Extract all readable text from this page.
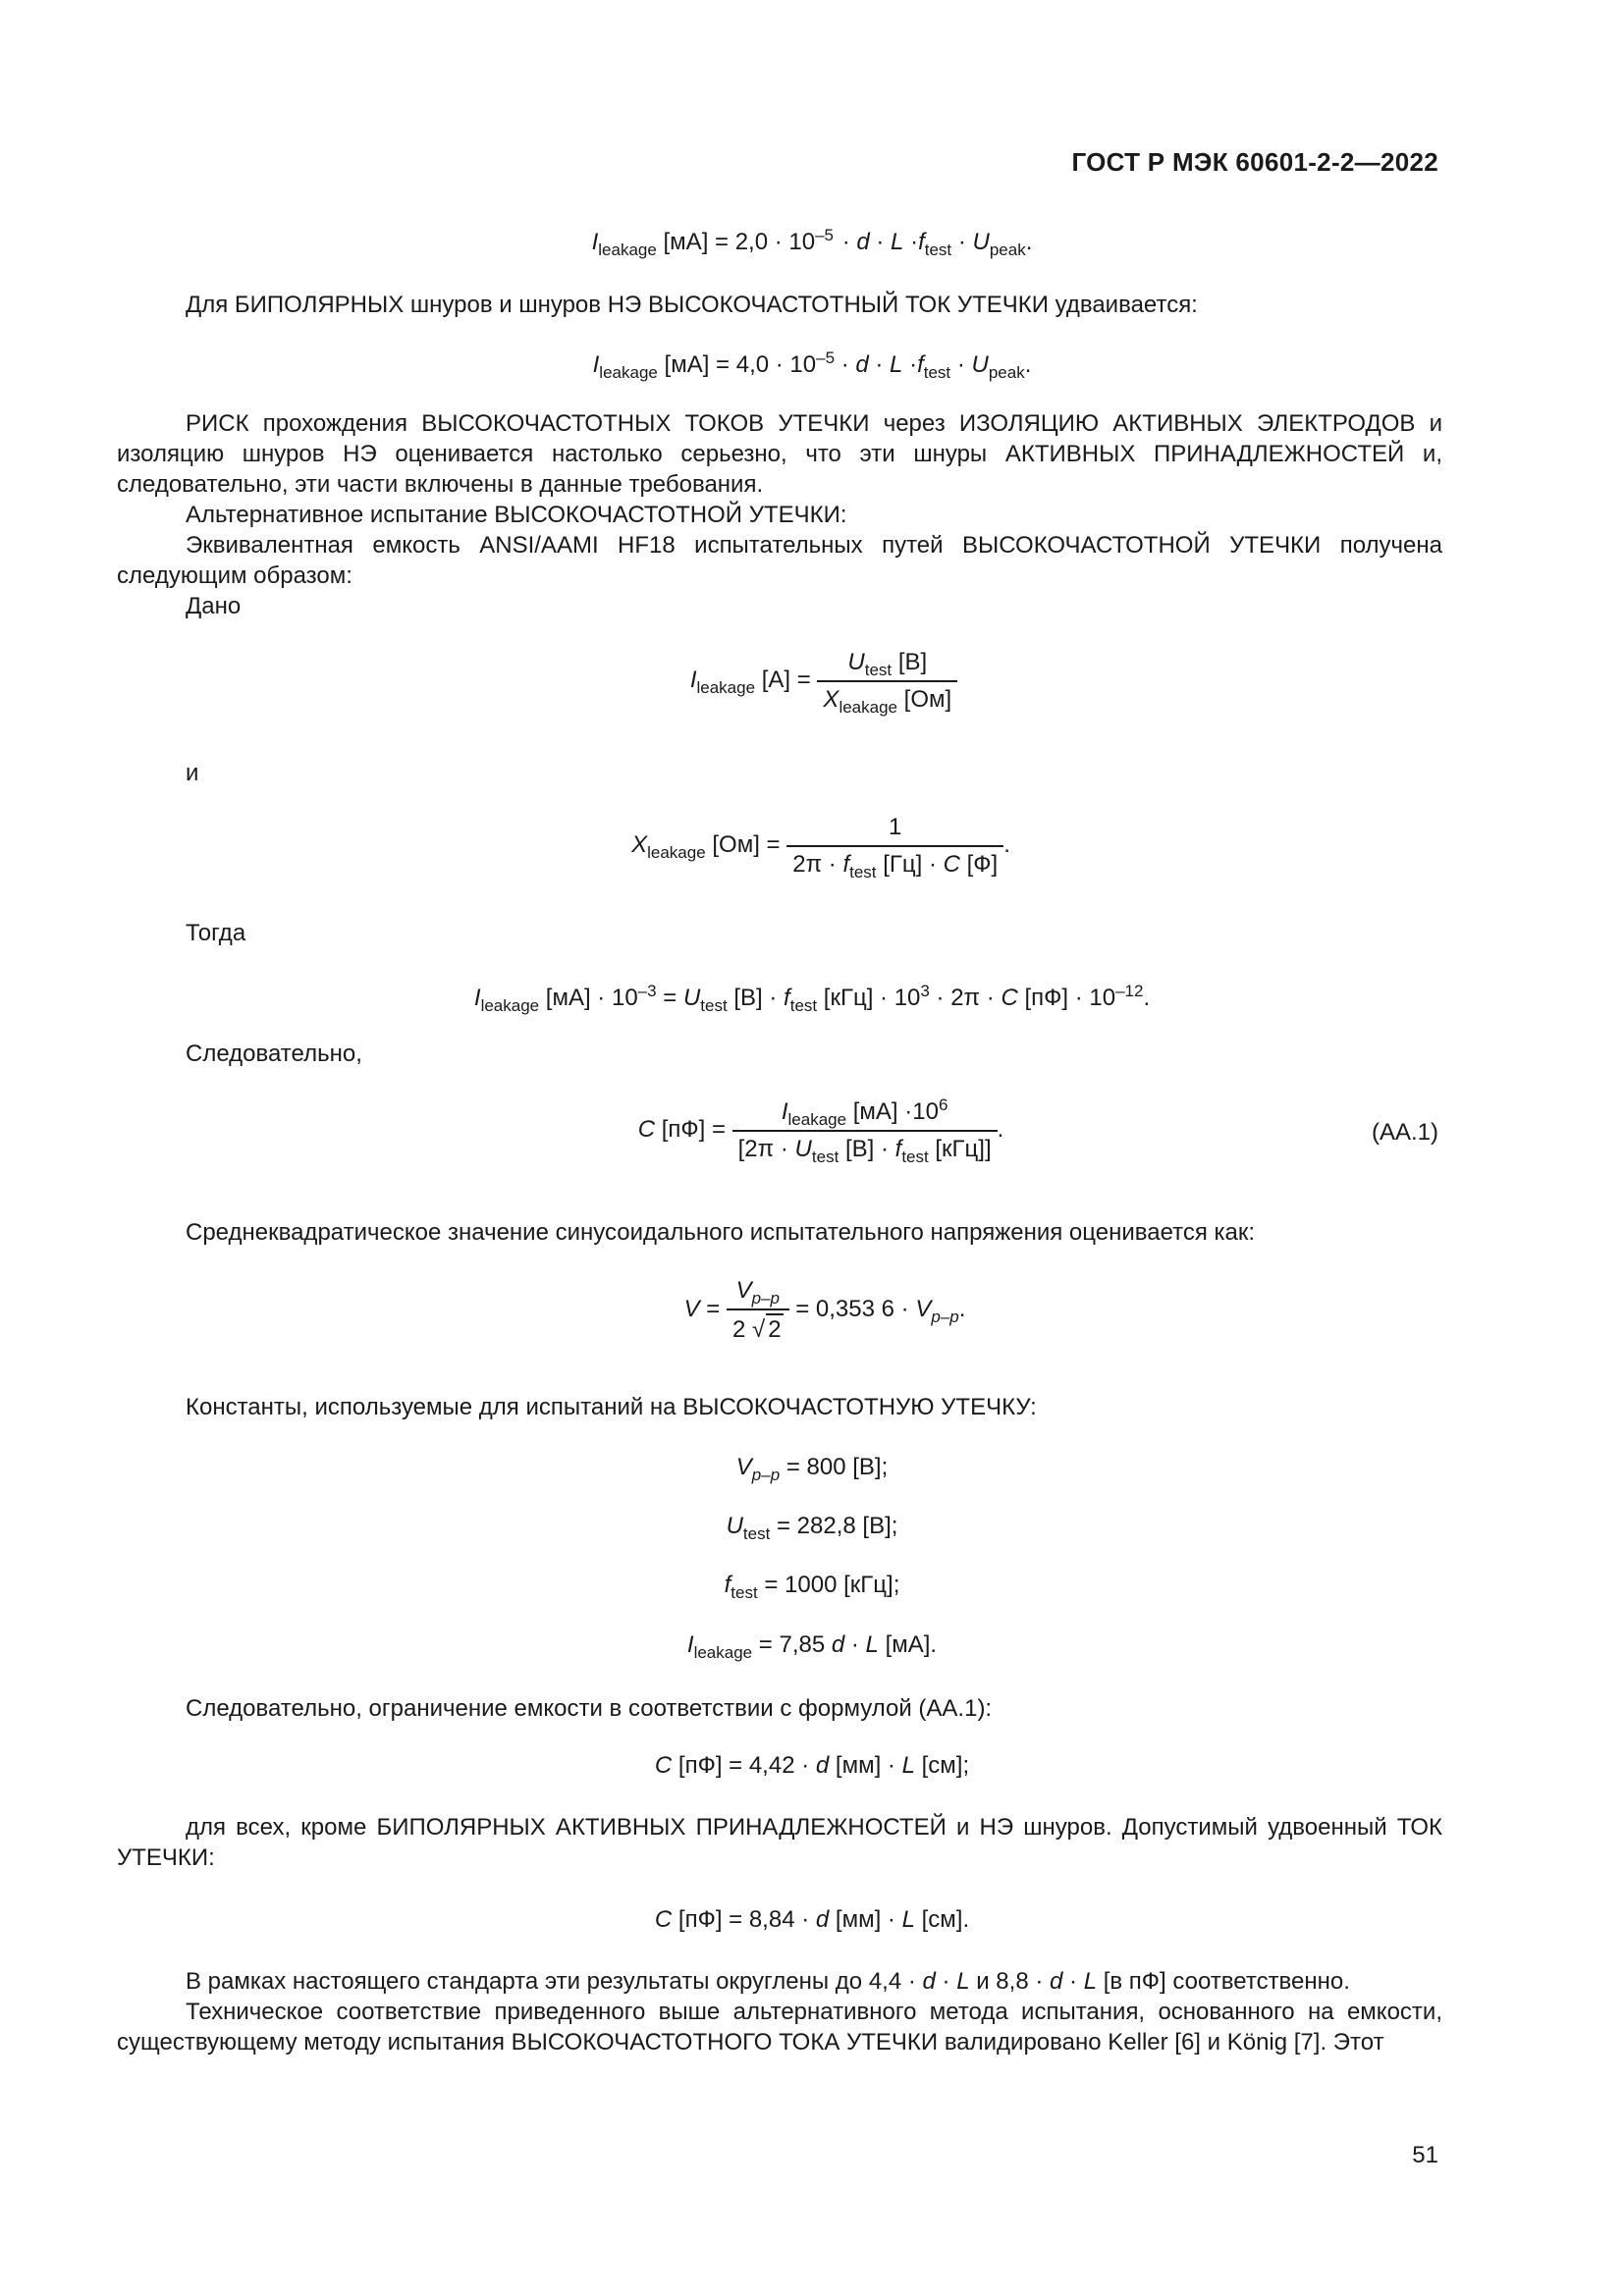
ГОСТ Р МЭК 60601-2-2—2022
$I_{leakage}$ $[мА] = 2,0 \cdot 10^{-5}$  · $d \cdot L \cdot f_{test} \cdot U_{peak}$.
Для БИПОЛЯРНЫХ шнуров и шнуров НЭ ВЫСОКОЧАСТОТНЫЙ ТОК УТЕЧКИ удваивается:
$I_{leakage}$ $[мА] = 4,0 \cdot 10^{-5} \cdot d \cdot L \cdot f_{test} \cdot U_{peak}$.
РИСК прохождения ВЫСОКОЧАСТОТНЫХ ТОКОВ УТЕЧКИ через ИЗОЛЯЦИЮ АКТИВНЫХ ЭЛЕКТРОДОВ и изоляцию шнуров НЭ оценивается настолько серьезно, что эти шнуры АКТИВНЫХ ПРИНАДЛЕЖНОСТЕЙ и, следовательно, эти части включены в данные требования.
Альтернативное испытание ВЫСОКОЧАСТОТНОЙ УТЕЧКИ:
Эквивалентная емкость ANSI/AAMI HF18 испытательных путей ВЫСОКОЧАСТОТНОЙ УТЕЧКИ получена следующим образом:
Дано
$I_{leakage}$ $[А] = \frac{U_{test} [В]}{X_{leakage} [Ом]}$
и
$X_{leakage}$ $[Ом] = \frac{1}{2\pi \cdot f_{test} [Гц] \cdot C [Ф]}$ .
Тогда
$I_{leakage}$ $[мА] \cdot 10^{-3} = U_{test}$ $[В] \cdot f_{test}$ $[кГц] \cdot 10^3 \cdot 2\pi \cdot C$ $[пФ] \cdot 10^{-12}$.
Следовательно,
C $[пФ] = \frac{I_{leakage} [мА] \cdot 10^6}{[2\pi \cdot U_{test} [В] \cdot f_{test} [кГц]]}$ .	(АА.1)
Среднеквадратическое значение синусоидального испытательного напряжения оценивается как:
$V = \frac{V_{p-p}}{2 √ 2} = 0,353$ $6 \cdot V_{p-p}$.
Константы, используемые для испытаний на ВЫСОКОЧАСТОТНУЮ УТЕЧКУ:
$V_{p-p} = 800$ [В];
$U_{test} = 282,8$ [В];
$f_{test} = 1000$ [кГц];
$I_{leakage} = 7,85$ d · L [мА].
Следовательно, ограничение емкости в соответствии с формулой (АА.1):
C [пФ] = 4,42 · d [мм] · L [см];
для всех, кроме БИПОЛЯРНЫХ АКТИВНЫХ ПРИНАДЛЕЖНОСТЕЙ и НЭ шнуров. Допустимый удвоенный ТОК УТЕЧКИ:
C [пФ] = 8,84 · d [мм] · L [см].
В рамках настоящего стандарта эти результаты округлены до 4,4 · d · L и 8,8 · d · L [в пФ] соответственно.
Техническое соответствие приведенного выше альтернативного метода испытания, основанного на емкости, существующему методу испытания ВЫСОКОЧАСТОТНОГО ТОКА УТЕЧКИ валидировано Keller [6] и König [7]. Этот
51
